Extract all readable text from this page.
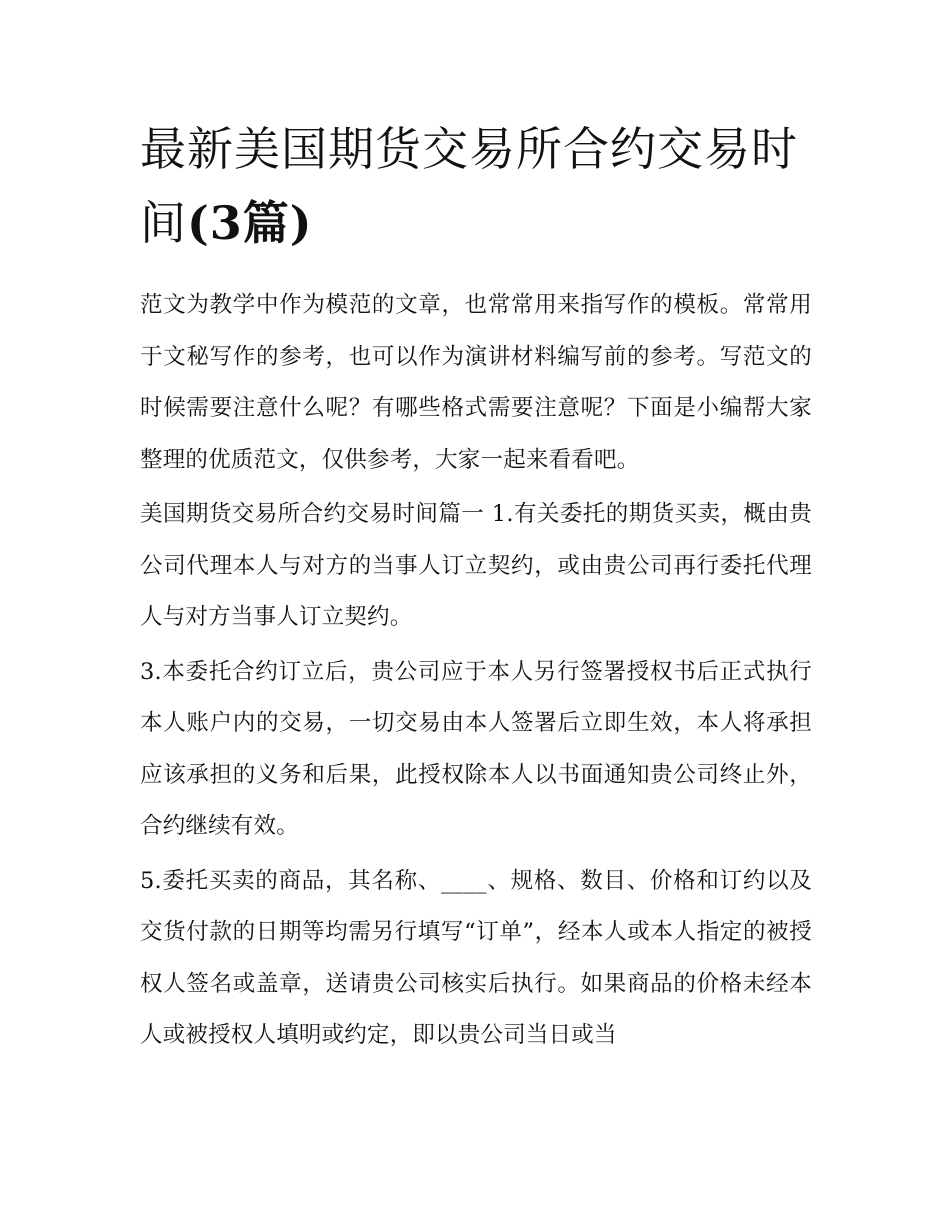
最新美国期货交易所合约交易时间(3篇)

范文为教学中作为模范的文章，也常常用来指写作的模板。常常用于文秘写作的参考，也可以作为演讲材料编写前的参考。写范文的时候需要注意什么呢？有哪些格式需要注意呢？下面是小编帮大家整理的优质范文，仅供参考，大家一起来看看吧。

美国期货交易所合约交易时间篇一 1.有关委托的期货买卖，概由贵公司代理本人与对方的当事人订立契约，或由贵公司再行委托代理人与对方当事人订立契约。

3.本委托合约订立后，贵公司应于本人另行签署授权书后正式执行本人账户内的交易，一切交易由本人签署后立即生效，本人将承担应该承担的义务和后果，此授权除本人以书面通知贵公司终止外，合约继续有效。

5.委托买卖的商品，其名称、____、规格、数目、价格和订约以及交货付款的日期等均需另行填写“订单”，经本人或本人指定的被授权人签名或盖章，送请贵公司核实后执行。如果商品的价格未经本人或被授权人填明或约定，即以贵公司当日或当
